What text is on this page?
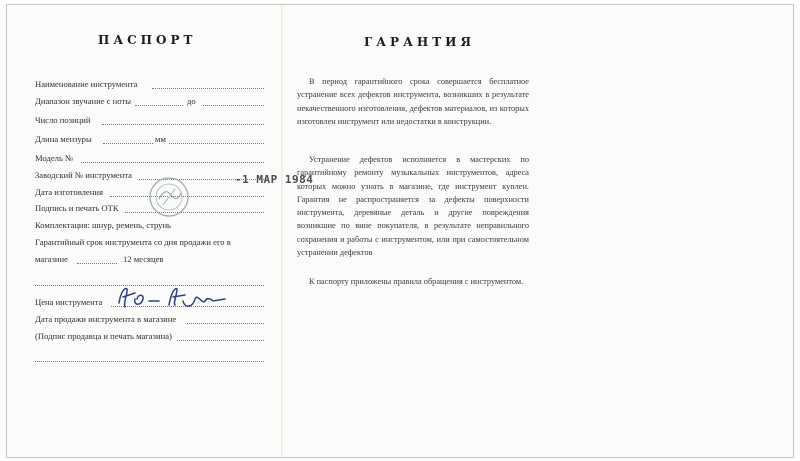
ПАСПОРТ
Наименование инструмента
Диапазон звучание с ноты	до
Число позиций
Длина мензуры	мм
Модель №
Заводский № инструмента
Дата изготовления
Подпись и печать ОТК
Комплектация: шнур, ремень, струнь
Гарантийный срок инструмента со дня продажи его в
магазине	12 месяцев
Цена инструмента
Дата продажи инструмента в магазине
(Подпис продавца и печать магазина)
-1 МАР 1984
ГАРАНТИЯ
В период гарантийного срока совершается бесплатное устранение всех дефектов инструмента, возникших в результате некачественного изготовления, дефектов материалов, из которых изготовлен инструмент или недостатки в конструкции.
Устранение дефектов исполняется в мастерских по гарантийному ремонту музыкальных инструментов, адреса которых можно узнать в магазине, где инструмент куплен. Гарантия не распространяется за дефекты поверхности инструмента, деревяные деталь и другие повреждения возникшие по вине покупателя, в результате неправильного сохранения и работы с инструментом, или при самостоятельном устранении дефектов
К паспорту приложены правила обращения с инструментом.
